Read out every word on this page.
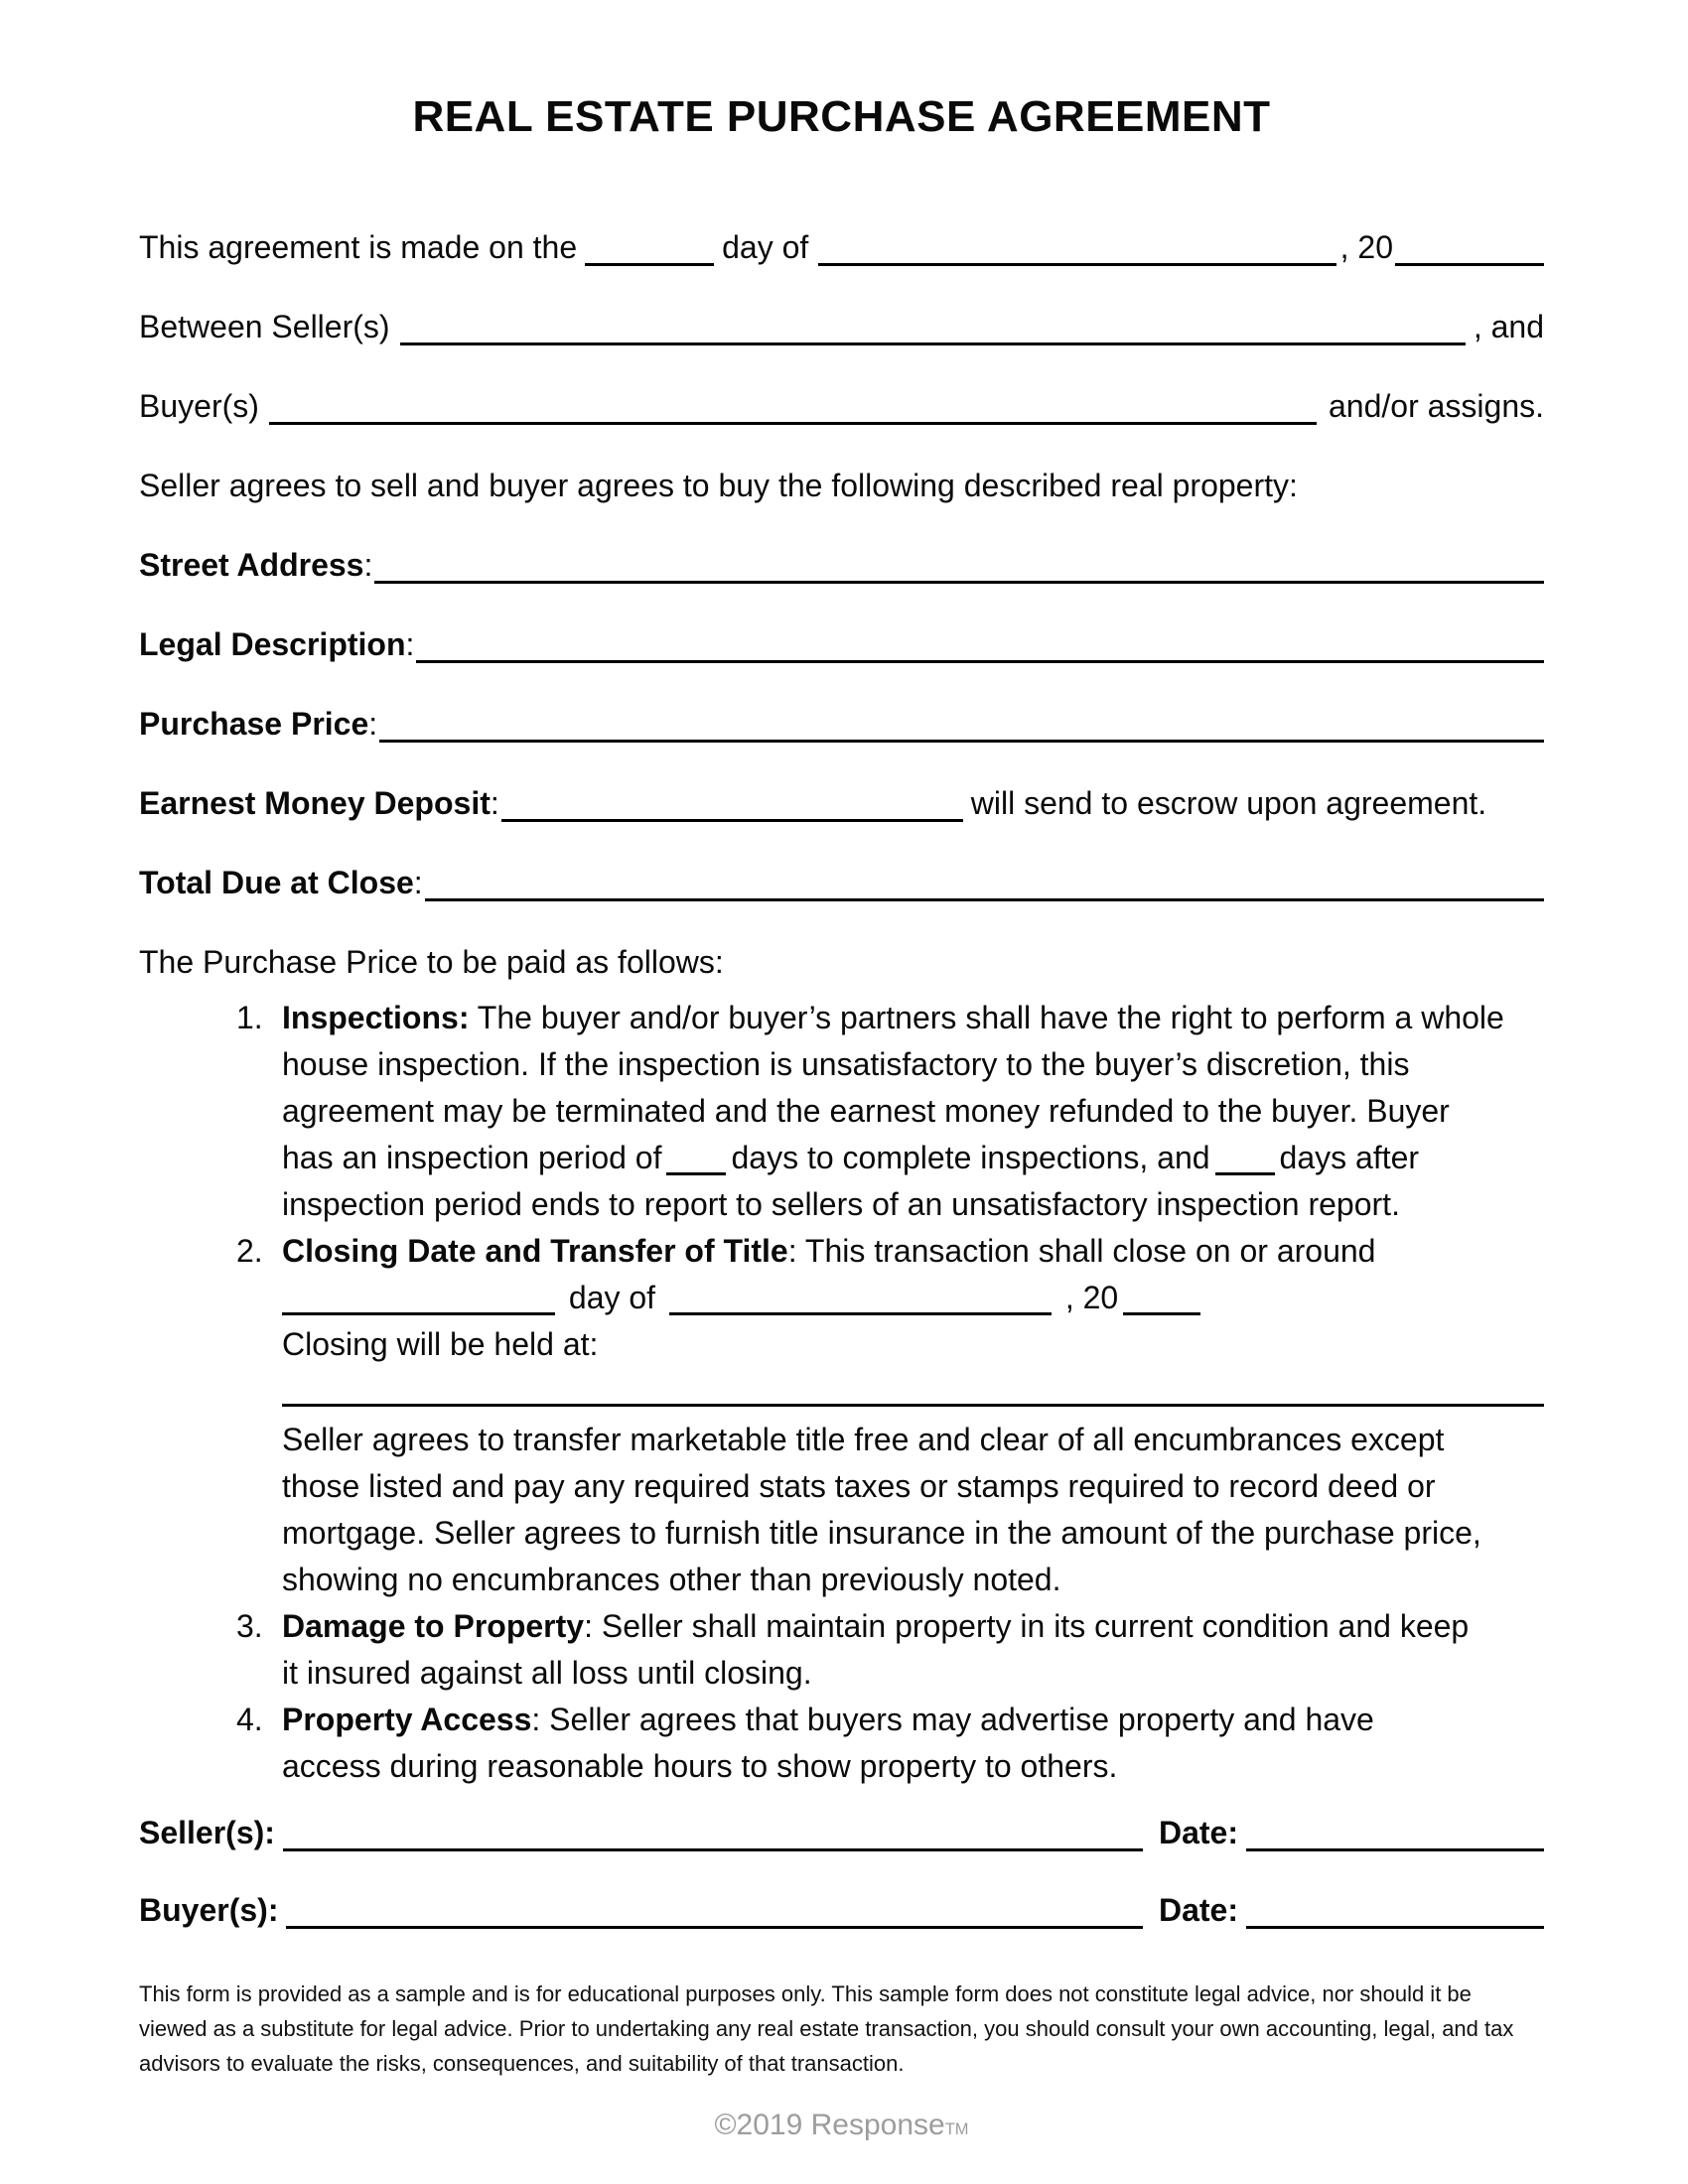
REAL ESTATE PURCHASE AGREEMENT
This agreement is made on the	day of	, 20
Between Seller(s)	, and
Buyer(s)	and/or assigns.
Seller agrees to sell and buyer agrees to buy the following described real property:
Street Address :
Legal Description :
Purchase Price :
Earnest Money Deposit :	will send to escrow upon agreement.
Total Due at Close :
The Purchase Price to be paid as follows:
1. Inspections: The buyer and/or buyer’s partners shall have the right to perform a whole
house inspection. If the inspection is unsatisfactory to the buyer’s discretion, this
agreement may be terminated and the earnest money refunded to the buyer. Buyer
has an inspection period of days to complete inspections, and days after
inspection period ends to report to sellers of an unsatisfactory inspection report.
2. Closing Date and Transfer of Title: This transaction shall close on or around
day of	, 20
Closing will be held at:
Seller agrees to transfer marketable title free and clear of all encumbrances except
those listed and pay any required stats taxes or stamps required to record deed or
mortgage. Seller agrees to furnish title insurance in the amount of the purchase price,
showing no encumbrances other than previously noted.
3. Damage to Property: Seller shall maintain property in its current condition and keep
it insured against all loss until closing.
4. Property Access: Seller agrees that buyers may advertise property and have
access during reasonable hours to show property to others.
Seller(s):	Date:
Buyer(s):	Date:
This form is provided as a sample and is for educational purposes only. This sample form does not constitute legal advice, nor should it be
viewed as a substitute for legal advice. Prior to undertaking any real estate transaction, you should consult your own accounting, legal, and tax
advisors to evaluate the risks, consequences, and suitability of that transaction.
©2019 ResponseTM
